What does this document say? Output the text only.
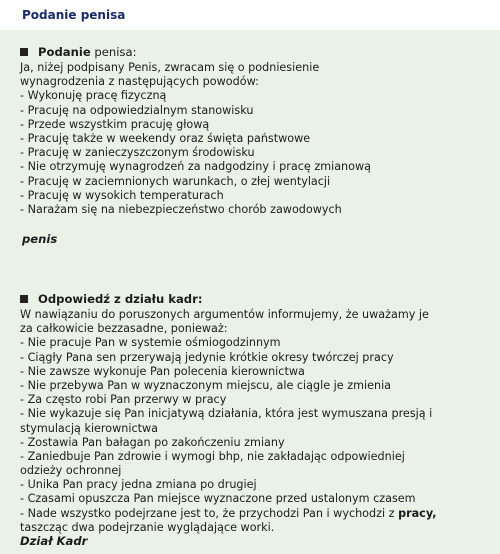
Podanie penisa
Podanie penisa:
Ja, niżej podpisany Penis, zwracam się o podniesienie
wynagrodzenia z następujących powodów:
- Wykonuję pracę fizyczną
- Pracuję na odpowiedzialnym stanowisku
- Przede wszystkim pracuję głową
- Pracuję także w weekendy oraz święta państwowe
- Pracuję w zanieczyszczonym środowisku
- Nie otrzymuję wynagrodzeń za nadgodziny i pracę zmianową
- Pracuję w zaciemnionych warunkach, o złej wentylacji
- Pracuję w wysokich temperaturach
- Narażam się na niebezpieczeństwo chorób zawodowych
penis
Odpowiedź z działu kadr:
W nawiązaniu do poruszonych argumentów informujemy, że uważamy je
za całkowicie bezzasadne, ponieważ:
- Nie pracuje Pan w systemie ośmiogodzinnym
- Ciągły Pana sen przerywają jedynie krótkie okresy twórczej pracy
- Nie zawsze wykonuje Pan polecenia kierownictwa
- Nie przebywa Pan w wyznaczonym miejscu, ale ciągle je zmienia
- Za często robi Pan przerwy w pracy
- Nie wykazuje się Pan inicjatywą działania, która jest wymuszana presją i
stymulacją kierownictwa
- Zostawia Pan bałagan po zakończeniu zmiany
- Zaniedbuje Pan zdrowie i wymogi bhp, nie zakładając odpowiedniej
odzieży ochronnej
- Unika Pan pracy jedna zmiana po drugiej
- Czasami opuszcza Pan miejsce wyznaczone przed ustalonym czasem
- Nade wszystko podejrzane jest to, że przychodzi Pan i wychodzi z pracy,
taszcząc dwa podejrzanie wyglądające worki.
Dział Kadr
